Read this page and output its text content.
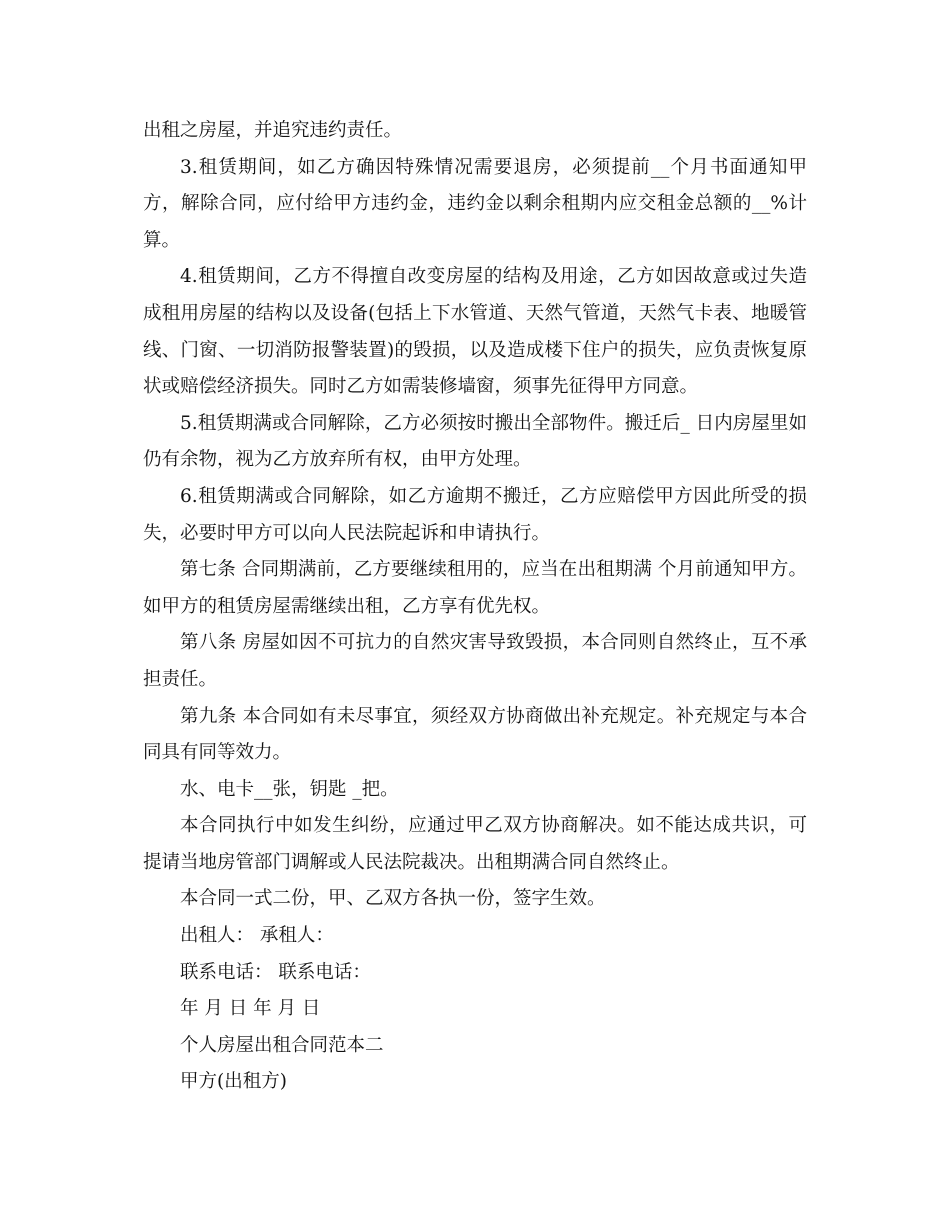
出租之房屋，并追究违约责任。

3.租赁期间，如乙方确因特殊情况需要退房，必须提前__个月书面通知甲方，解除合同，应付给甲方违约金，违约金以剩余租期内应交租金总额的__%计算。

4.租赁期间，乙方不得擅自改变房屋的结构及用途，乙方如因故意或过失造成租用房屋的结构以及设备(包括上下水管道、天然气管道，天然气卡表、地暖管线、门窗、一切消防报警装置)的毁损，以及造成楼下住户的损失，应负责恢复原状或赔偿经济损失。同时乙方如需装修墙窗，须事先征得甲方同意。

5.租赁期满或合同解除，乙方必须按时搬出全部物件。搬迁后_ 日内房屋里如仍有余物，视为乙方放弃所有权，由甲方处理。

6.租赁期满或合同解除，如乙方逾期不搬迁，乙方应赔偿甲方因此所受的损失，必要时甲方可以向人民法院起诉和申请执行。

第七条 合同期满前，乙方要继续租用的，应当在出租期满 个月前通知甲方。如甲方的租赁房屋需继续出租，乙方享有优先权。

第八条 房屋如因不可抗力的自然灾害导致毁损，本合同则自然终止，互不承担责任。

第九条 本合同如有未尽事宜，须经双方协商做出补充规定。补充规定与本合同具有同等效力。

水、电卡__张，钥匙 _把。

本合同执行中如发生纠纷，应通过甲乙双方协商解决。如不能达成共识，可提请当地房管部门调解或人民法院裁决。出租期满合同自然终止。

本合同一式二份，甲、乙双方各执一份，签字生效。

出租人： 承租人：

联系电话： 联系电话：

年 月 日 年 月 日

个人房屋出租合同范本二

甲方(出租方)
